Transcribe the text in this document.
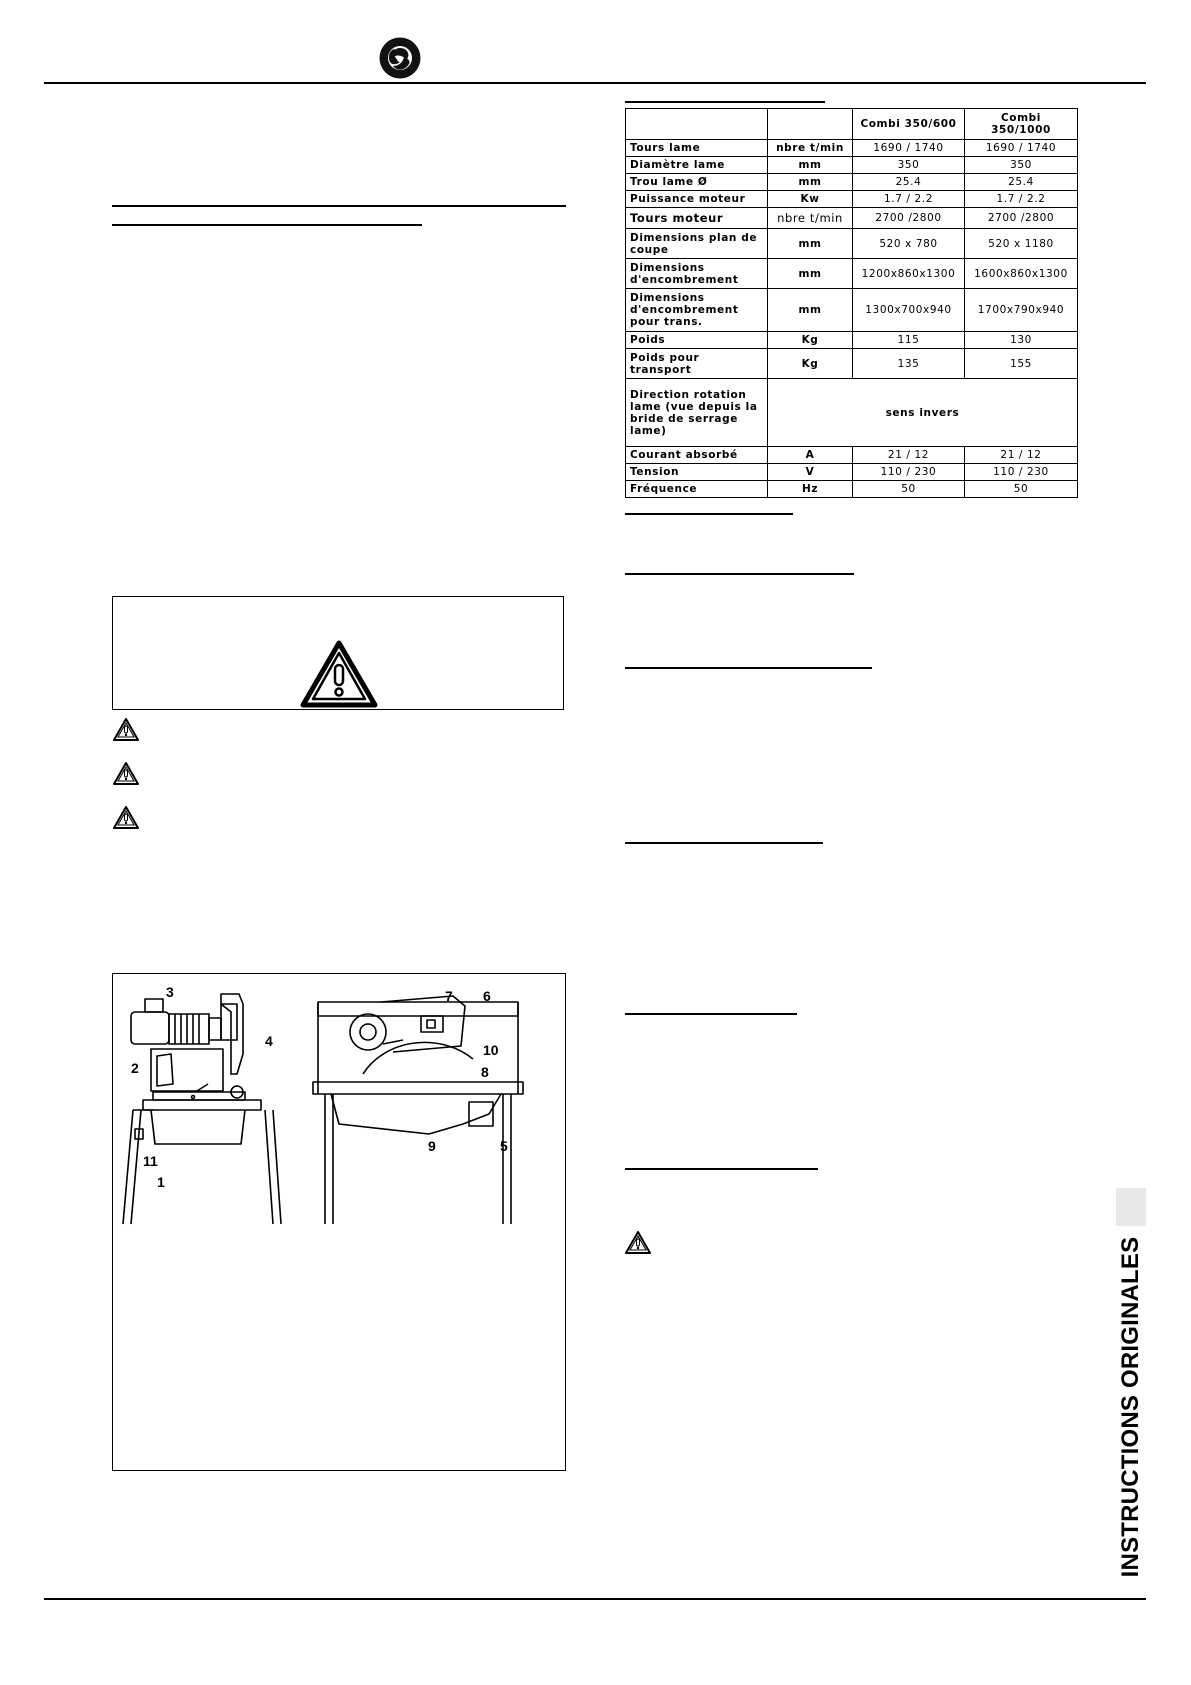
3
4
2
11
1
7 6
10
8
9	5
		Combi 350/600	Combi
350/1000
Tours lame	nbre t/min	1690 / 1740	1690 / 1740
Diamètre lame	mm	350	350
Trou lame Ø	mm	25.4	25.4
Puissance moteur	Kw	1.7 / 2.2	1.7 / 2.2
Tours moteur	nbre t/min	2700 /2800	2700 /2800
Dimensions plan de coupe	mm	520 x 780	520 x 1180
Dimensions d'encombrement	mm	1200x860x1300	1600x860x1300
Dimensions d'encombrement pour trans.	mm	1300x700x940	1700x790x940
Poids	Kg	115	130
Poids pour transport	Kg	135	155
Direction rotation lame (vue depuis la bride de serrage lame)	sens invers		
Courant absorbé	A	21 / 12	21 / 12
Tension	V	110 / 230	110 / 230
Fréquence	Hz	50	50
INSTRUCTIONS ORIGINALES
